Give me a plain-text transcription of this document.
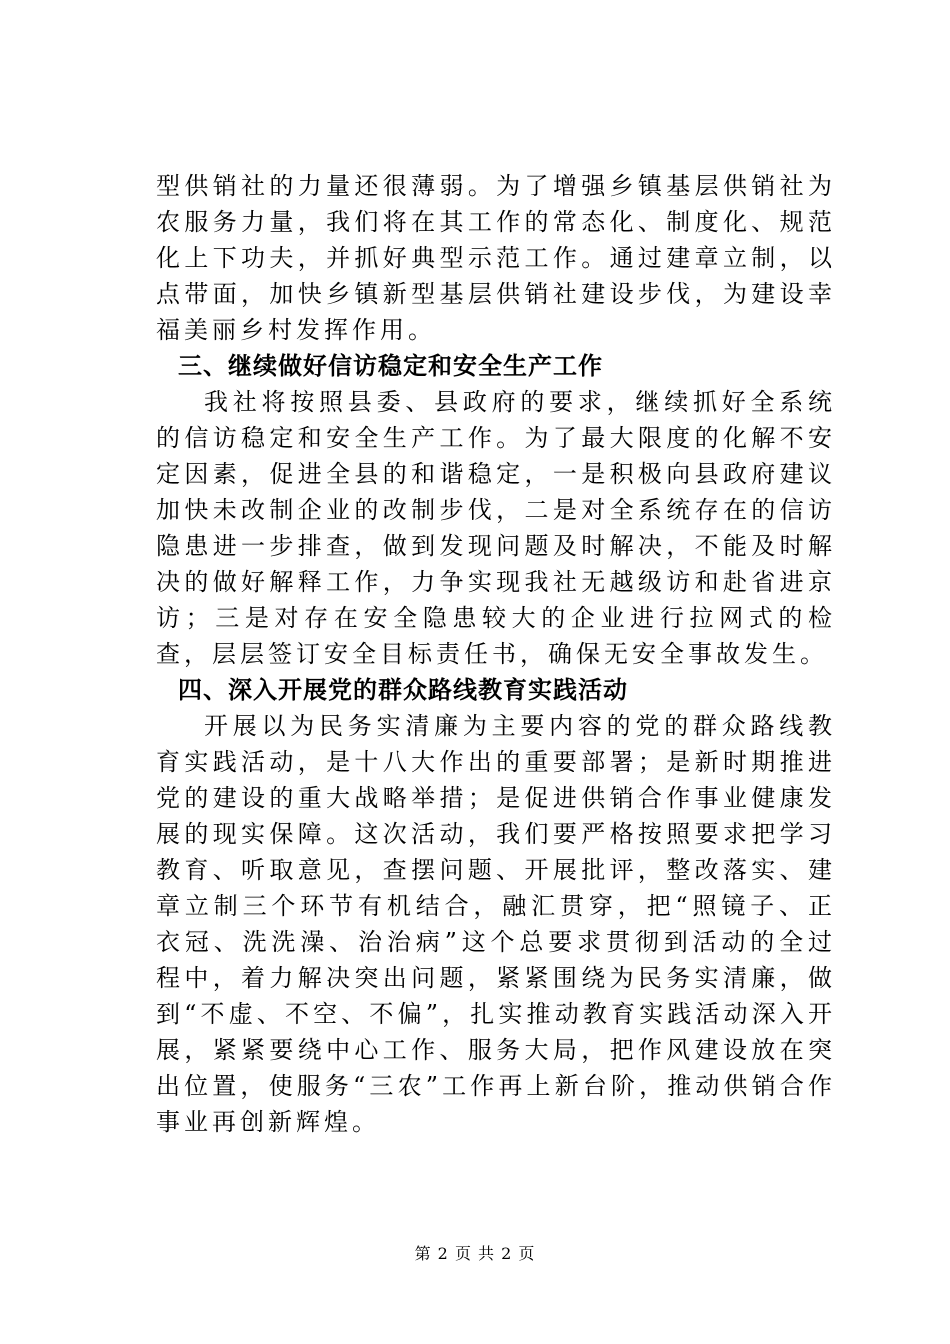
型供销社的力量还很薄弱。为了增强乡镇基层供销社为农服务力量，我们将在其工作的常态化、制度化、规范化上下功夫，并抓好典型示范工作。通过建章立制，以点带面，加快乡镇新型基层供销社建设步伐，为建设幸福美丽乡村发挥作用。

三、继续做好信访稳定和安全生产工作

我社将按照县委、县政府的要求，继续抓好全系统的信访稳定和安全生产工作。为了最大限度的化解不安定因素，促进全县的和谐稳定，一是积极向县政府建议加快未改制企业的改制步伐，二是对全系统存在的信访隐患进一步排查，做到发现问题及时解决，不能及时解决的做好解释工作，力争实现我社无越级访和赴省进京访；三是对存在安全隐患较大的企业进行拉网式的检查，层层签订安全目标责任书，确保无安全事故发生。

四、深入开展党的群众路线教育实践活动

开展以为民务实清廉为主要内容的党的群众路线教育实践活动，是十八大作出的重要部署；是新时期推进党的建设的重大战略举措；是促进供销合作事业健康发展的现实保障。这次活动，我们要严格按照要求把学习教育、听取意见，查摆问题、开展批评，整改落实、建章立制三个环节有机结合，融汇贯穿，把“照镜子、正衣冠、洗洗澡、治治病”这个总要求贯彻到活动的全过程中，着力解决突出问题，紧紧围绕为民务实清廉，做到“不虚、不空、不偏”，扎实推动教育实践活动深入开展，紧紧要绕中心工作、服务大局，把作风建设放在突出位置，使服务“三农”工作再上新台阶，推动供销合作事业再创新辉煌。

第 2 页 共 2 页
